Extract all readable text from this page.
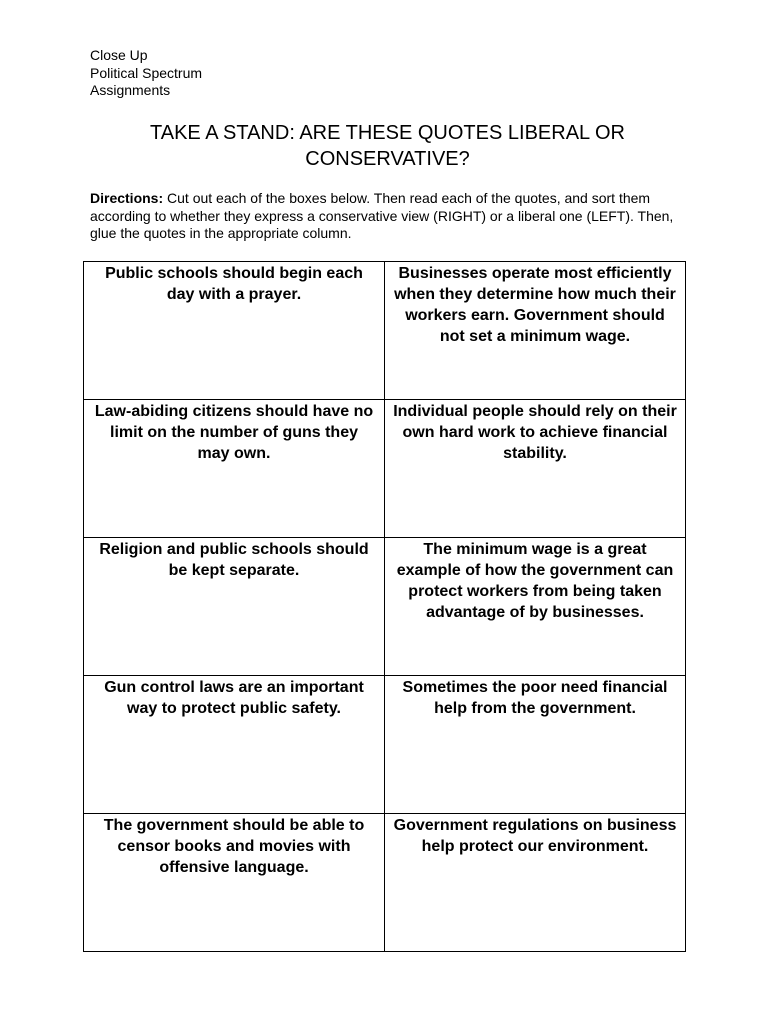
Close Up
Political Spectrum
Assignments
TAKE A STAND: ARE THESE QUOTES LIBERAL OR
CONSERVATIVE?

Directions: Cut out each of the boxes below. Then read each of the quotes, and sort them according to whether they express a conservative view (RIGHT) or a liberal one (LEFT). Then, glue the quotes in the appropriate column.

Public schools should begin each day with a prayer.	Businesses operate most efficiently when they determine how much their workers earn. Government should not set a minimum wage.
Law-abiding citizens should have no limit on the number of guns they may own.	Individual people should rely on their own hard work to achieve financial stability.
Religion and public schools should be kept separate.	The minimum wage is a great example of how the government can protect workers from being taken advantage of by businesses.
Gun control laws are an important way to protect public safety.	Sometimes the poor need financial help from the government.
The government should be able to censor books and movies with offensive language.	Government regulations on business help protect our environment.
